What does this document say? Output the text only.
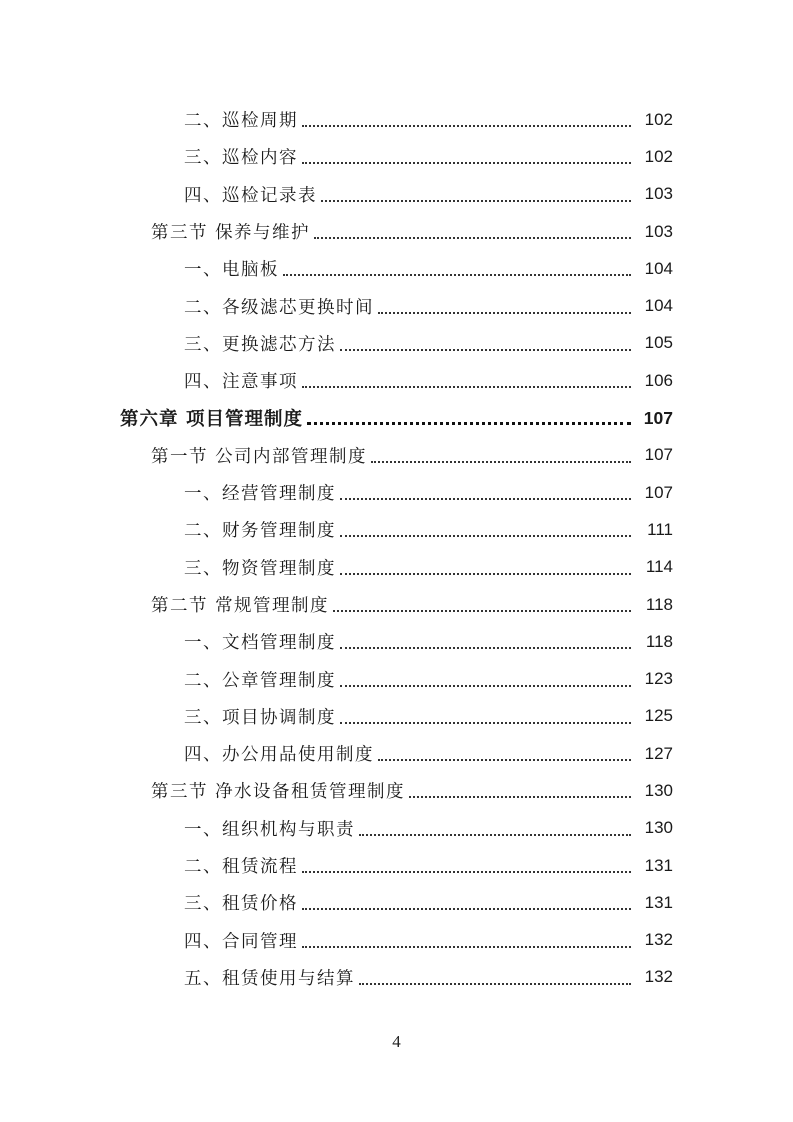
二、巡检周期	102
三、巡检内容	102
四、巡检记录表	103
第三节 保养与维护	103
一、电脑板	104
二、各级滤芯更换时间	104
三、更换滤芯方法	105
四、注意事项	106
第六章 项目管理制度	107
第一节 公司内部管理制度	107
一、经营管理制度	107
二、财务管理制度	111
三、物资管理制度	114
第二节 常规管理制度	118
一、文档管理制度	118
二、公章管理制度	123
三、项目协调制度	125
四、办公用品使用制度	127
第三节 净水设备租赁管理制度	130
一、组织机构与职责	130
二、租赁流程	131
三、租赁价格	131
四、合同管理	132
五、租赁使用与结算	132
4
